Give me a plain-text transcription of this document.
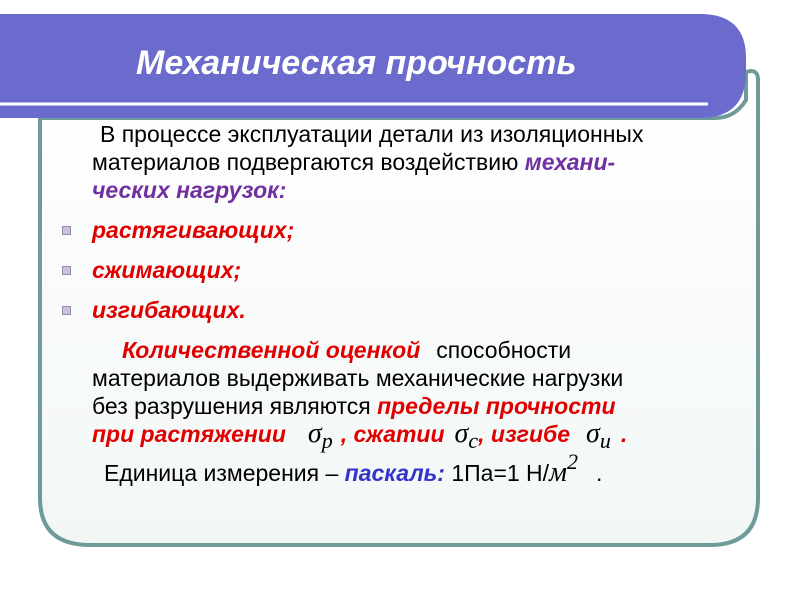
Механическая прочность

В процессе эксплуатации детали из изоляционных
материалов подвергаются воздействию механи-
ческих нагрузок:

растягивающих;
сжимающих;
изгибающих.

Количественной оценкой способности
материалов выдерживать механические нагрузки
без разрушения являются пределы прочности
при растяжении σp , сжатии σc, изгибе σи .

Единица измерения – паскаль: 1Па=1 Н/м2 .
